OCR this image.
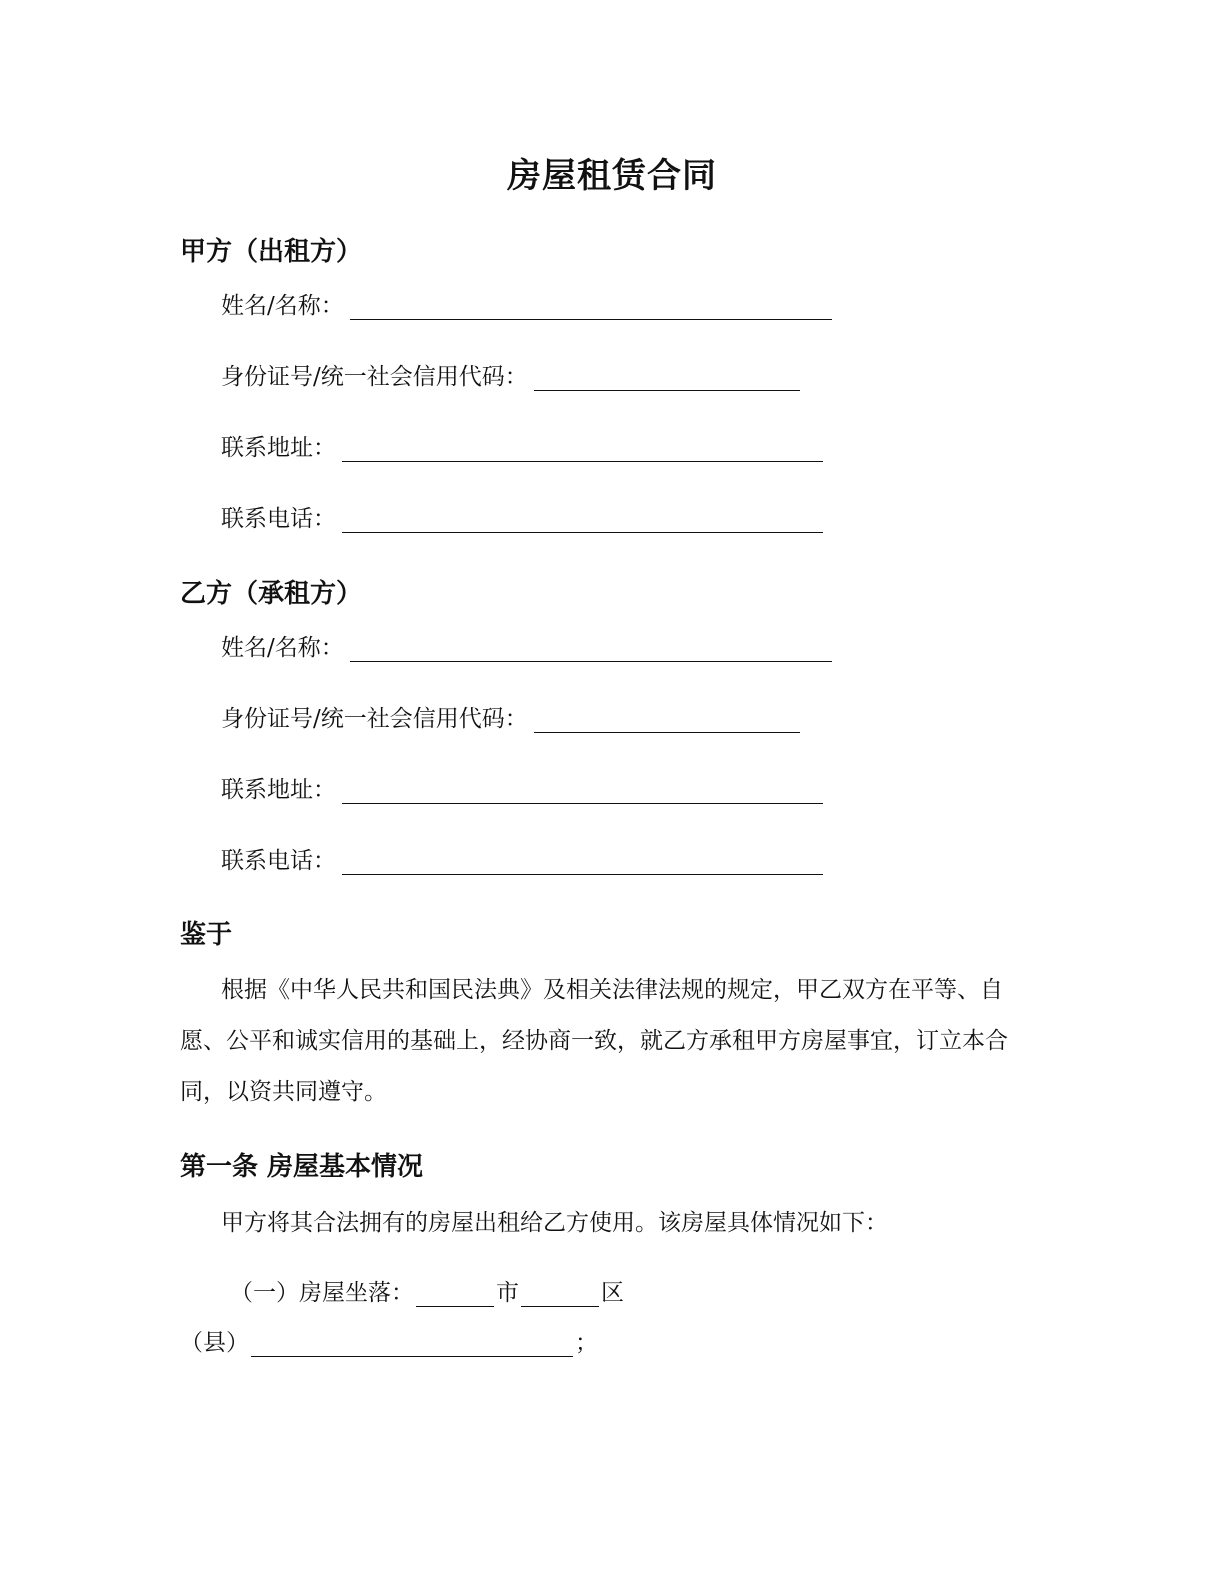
房屋租赁合同
甲方（出租方）
姓名/名称：
身份证号/统一社会信用代码：
联系地址：
联系电话：
乙方（承租方）
姓名/名称：
身份证号/统一社会信用代码：
联系地址：
联系电话：
鉴于
根据《中华人民共和国民法典》及相关法律法规的规定，甲乙双方在平等、自
愿、公平和诚实信用的基础上，经协商一致，就乙方承租甲方房屋事宜，订立本合
同，以资共同遵守。
第一条 房屋基本情况
甲方将其合法拥有的房屋出租给乙方使用。该房屋具体情况如下：
（一）房屋坐落：	市	区
（县）	；
